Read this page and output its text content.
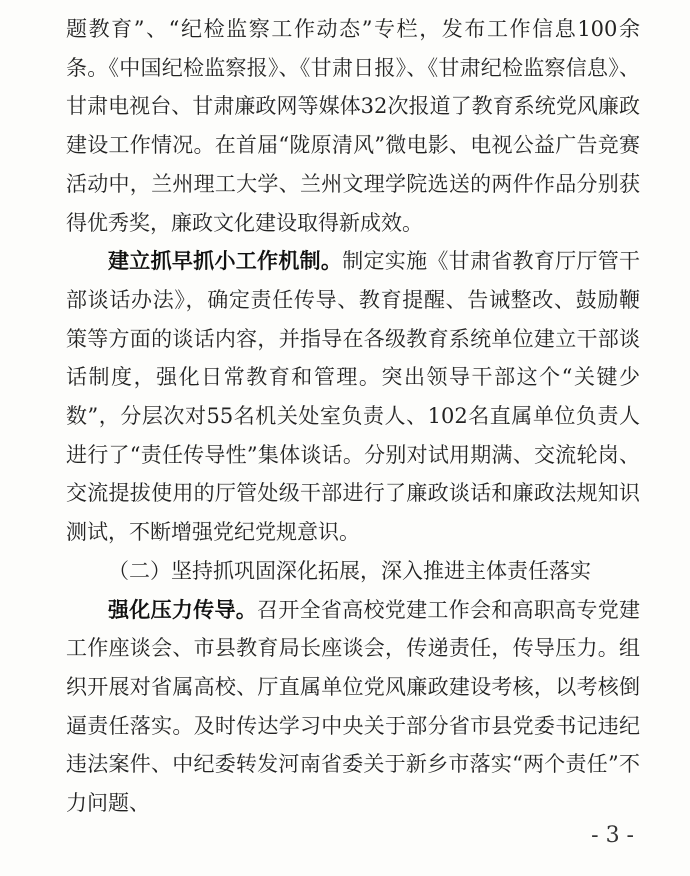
题教育”、“纪检监察工作动态”专栏，发布工作信息100余条。《中国纪检监察报》、《甘肃日报》、《甘肃纪检监察信息》、甘肃电视台、甘肃廉政网等媒体32次报道了教育系统党风廉政建设工作情况。在首届“陇原清风”微电影、电视公益广告竞赛活动中，兰州理工大学、兰州文理学院选送的两件作品分别获得优秀奖，廉政文化建设取得新成效。

建立抓早抓小工作机制。制定实施《甘肃省教育厅厅管干部谈话办法》，确定责任传导、教育提醒、告诫整改、鼓励鞭策等方面的谈话内容，并指导在各级教育系统单位建立干部谈话制度，强化日常教育和管理。突出领导干部这个“关键少数”，分层次对55名机关处室负责人、102名直属单位负责人进行了“责任传导性”集体谈话。分别对试用期满、交流轮岗、交流提拔使用的厅管处级干部进行了廉政谈话和廉政法规知识测试，不断增强党纪党规意识。

（二）坚持抓巩固深化拓展，深入推进主体责任落实

强化压力传导。召开全省高校党建工作会和高职高专党建工作座谈会、市县教育局长座谈会，传递责任，传导压力。组织开展对省属高校、厅直属单位党风廉政建设考核，以考核倒逼责任落实。及时传达学习中央关于部分省市县党委书记违纪违法案件、中纪委转发河南省委关于新乡市落实“两个责任”不力问题、

- 3 -
